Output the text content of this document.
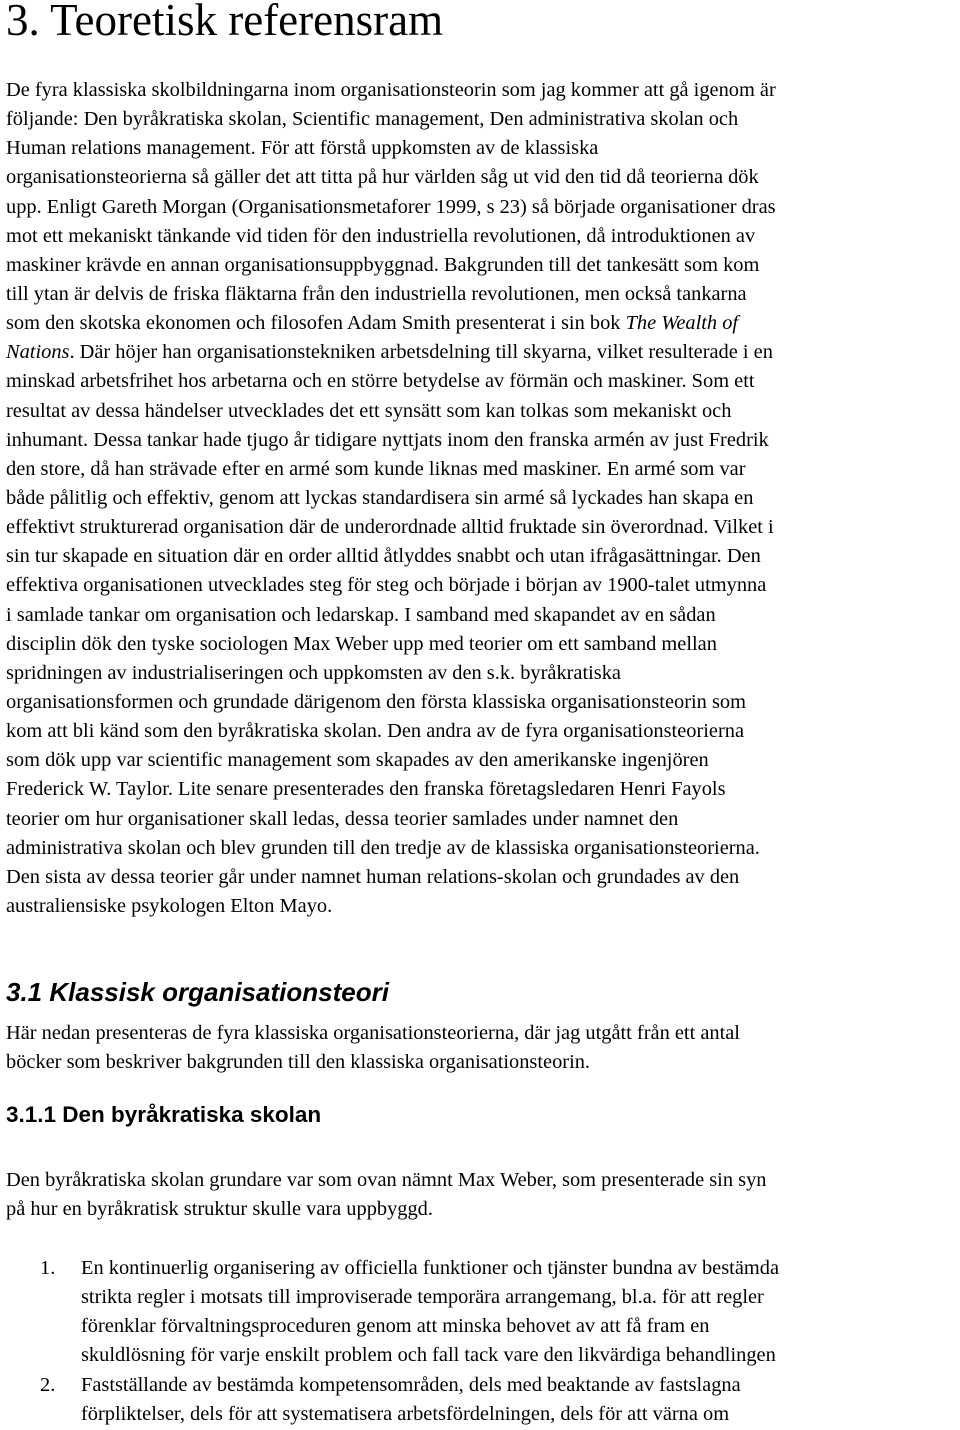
3. Teoretisk referensram

De fyra klassiska skolbildningarna inom organisationsteorin som jag kommer att gå igenom är
följande: Den byråkratiska skolan, Scientific management, Den administrativa skolan och
Human relations management. För att förstå uppkomsten av de klassiska
organisationsteorierna så gäller det att titta på hur världen såg ut vid den tid då teorierna dök
upp. Enligt Gareth Morgan (Organisationsmetaforer 1999, s 23) så började organisationer dras
mot ett mekaniskt tänkande vid tiden för den industriella revolutionen, då introduktionen av
maskiner krävde en annan organisationsuppbyggnad. Bakgrunden till det tankesätt som kom
till ytan är delvis de friska fläktarna från den industriella revolutionen, men också tankarna
som den skotska ekonomen och filosofen Adam Smith presenterat i sin bok The Wealth of
Nations. Där höjer han organisationstekniken arbetsdelning till skyarna, vilket resulterade i en
minskad arbetsfrihet hos arbetarna och en större betydelse av förmän och maskiner. Som ett
resultat av dessa händelser utvecklades det ett synsätt som kan tolkas som mekaniskt och
inhumant. Dessa tankar hade tjugo år tidigare nyttjats inom den franska armén av just Fredrik
den store, då han strävade efter en armé som kunde liknas med maskiner. En armé som var
både pålitlig och effektiv, genom att lyckas standardisera sin armé så lyckades han skapa en
effektivt strukturerad organisation där de underordnade alltid fruktade sin överordnad. Vilket i
sin tur skapade en situation där en order alltid åtlyddes snabbt och utan ifrågasättningar. Den
effektiva organisationen utvecklades steg för steg och började i början av 1900-talet utmynna
i samlade tankar om organisation och ledarskap. I samband med skapandet av en sådan
disciplin dök den tyske sociologen Max Weber upp med teorier om ett samband mellan
spridningen av industrialiseringen och uppkomsten av den s.k. byråkratiska
organisationsformen och grundade därigenom den första klassiska organisationsteorin som
kom att bli känd som den byråkratiska skolan. Den andra av de fyra organisationsteorierna
som dök upp var scientific management som skapades av den amerikanske ingenjören
Frederick W. Taylor. Lite senare presenterades den franska företagsledaren Henri Fayols
teorier om hur organisationer skall ledas, dessa teorier samlades under namnet den
administrativa skolan och blev grunden till den tredje av de klassiska organisationsteorierna.
Den sista av dessa teorier går under namnet human relations-skolan och grundades av den
australiensiske psykologen Elton Mayo.

3.1 Klassisk organisationsteori

Här nedan presenteras de fyra klassiska organisationsteorierna, där jag utgått från ett antal
böcker som beskriver bakgrunden till den klassiska organisationsteorin.

3.1.1 Den byråkratiska skolan

Den byråkratiska skolan grundare var som ovan nämnt Max Weber, som presenterade sin syn
på hur en byråkratisk struktur skulle vara uppbyggd.

1. En kontinuerlig organisering av officiella funktioner och tjänster bundna av bestämda
strikta regler i motsats till improviserade temporära arrangemang, bl.a. för att regler
förenklar förvaltningsproceduren genom att minska behovet av att få fram en
skuldlösning för varje enskilt problem och fall tack vare den likvärdiga behandlingen
2. Fastställande av bestämda kompetensområden, dels med beaktande av fastslagna
förpliktelser, dels för att systematisera arbetsfördelningen, dels för att värna om
